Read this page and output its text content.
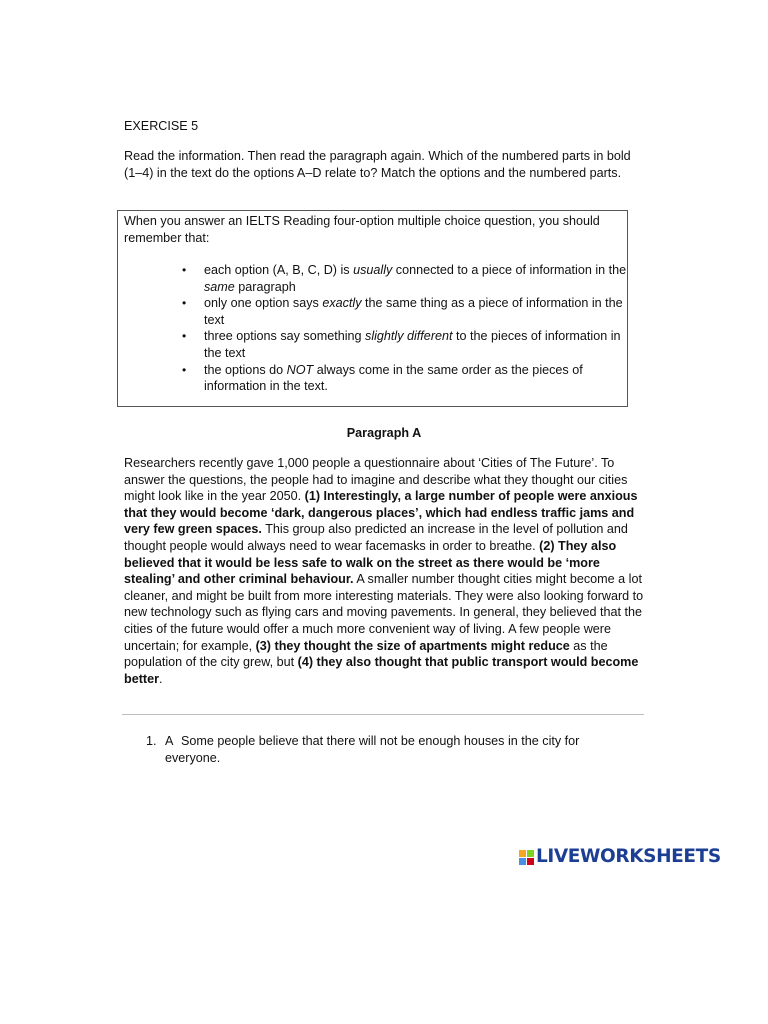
EXERCISE 5
Read the information. Then read the paragraph again. Which of the numbered parts in bold (1–4) in the text do the options A–D relate to? Match the options and the numbered parts.
When you answer an IELTS Reading four-option multiple choice question, you should remember that:
• each option (A, B, C, D) is usually connected to a piece of information in the same paragraph
• only one option says exactly the same thing as a piece of information in the text
• three options say something slightly different to the pieces of information in the text
• the options do NOT always come in the same order as the pieces of information in the text.
Paragraph A
Researchers recently gave 1,000 people a questionnaire about ‘Cities of The Future’. To answer the questions, the people had to imagine and describe what they thought our cities might look like in the year 2050. (1) Interestingly, a large number of people were anxious that they would become ‘dark, dangerous places’, which had endless traffic jams and very few green spaces. This group also predicted an increase in the level of pollution and thought people would always need to wear facemasks in order to breathe. (2) They also believed that it would be less safe to walk on the street as there would be ‘more stealing’ and other criminal behaviour. A smaller number thought cities might become a lot cleaner, and might be built from more interesting materials. They were also looking forward to new technology such as flying cars and moving pavements. In general, they believed that the cities of the future would offer a much more convenient way of living. A few people were uncertain; for example, (3) they thought the size of apartments might reduce as the population of the city grew, but (4) they also thought that public transport would become better.
1. A Some people believe that there will not be enough houses in the city for everyone.
LIVEWORKSHEETS
